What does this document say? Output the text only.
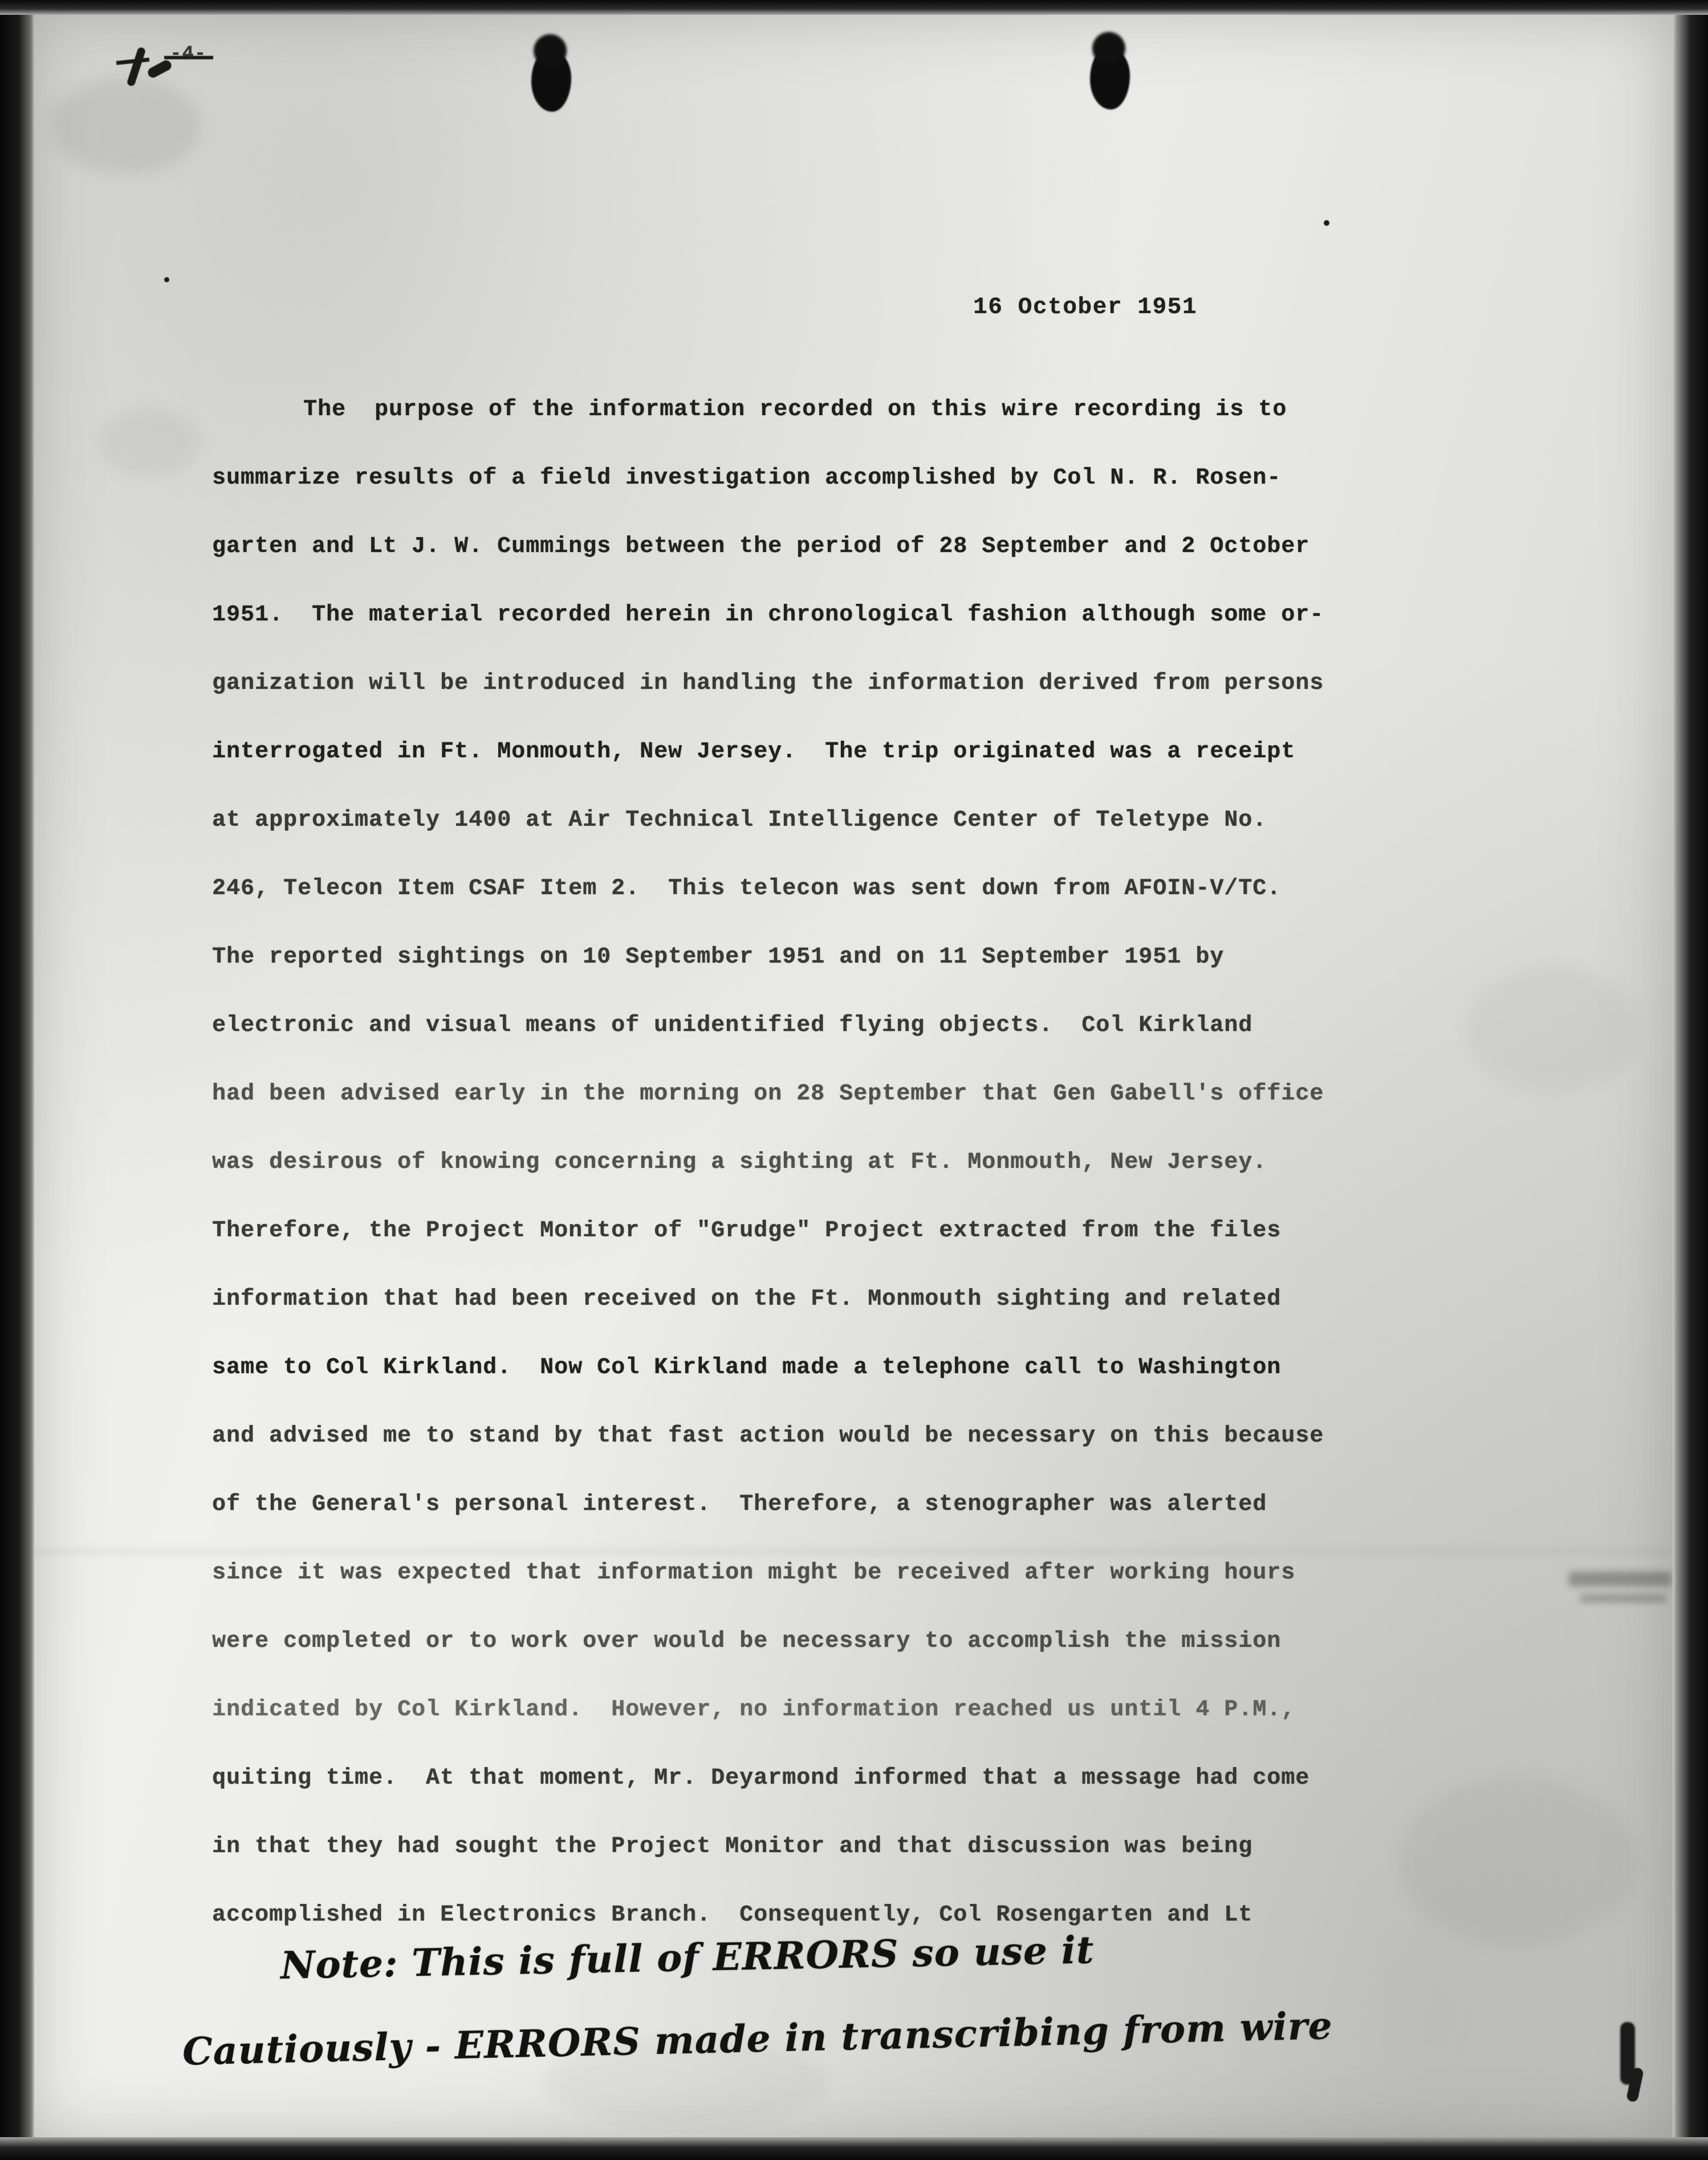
-4-
16 October 1951
The  purpose of the information recorded on this wire recording is to
summarize results of a field investigation accomplished by Col N. R. Rosen-
garten and Lt J. W. Cummings between the period of 28 September and 2 October
1951.  The material recorded herein in chronological fashion although some or-
ganization will be introduced in handling the information derived from persons
interrogated in Ft. Monmouth, New Jersey.  The trip originated was a receipt
at approximately 1400 at Air Technical Intelligence Center of Teletype No.
246, Telecon Item CSAF Item 2.  This telecon was sent down from AFOIN-V/TC.
The reported sightings on 10 September 1951 and on 11 September 1951 by
electronic and visual means of unidentified flying objects.  Col Kirkland
had been advised early in the morning on 28 September that Gen Gabell's office
was desirous of knowing concerning a sighting at Ft. Monmouth, New Jersey.
Therefore, the Project Monitor of "Grudge" Project extracted from the files
information that had been received on the Ft. Monmouth sighting and related
same to Col Kirkland.  Now Col Kirkland made a telephone call to Washington
and advised me to stand by that fast action would be necessary on this because
of the General's personal interest.  Therefore, a stenographer was alerted
since it was expected that information might be received after working hours
were completed or to work over would be necessary to accomplish the mission
indicated by Col Kirkland.  However, no information reached us until 4 P.M.,
quiting time.  At that moment, Mr. Deyarmond informed that a message had come
in that they had sought the Project Monitor and that discussion was being
accomplished in Electronics Branch.  Consequently, Col Rosengarten and Lt
Note: This is full of ERRORS so use it
Cautiously - ERRORS made in transcribing from wire
